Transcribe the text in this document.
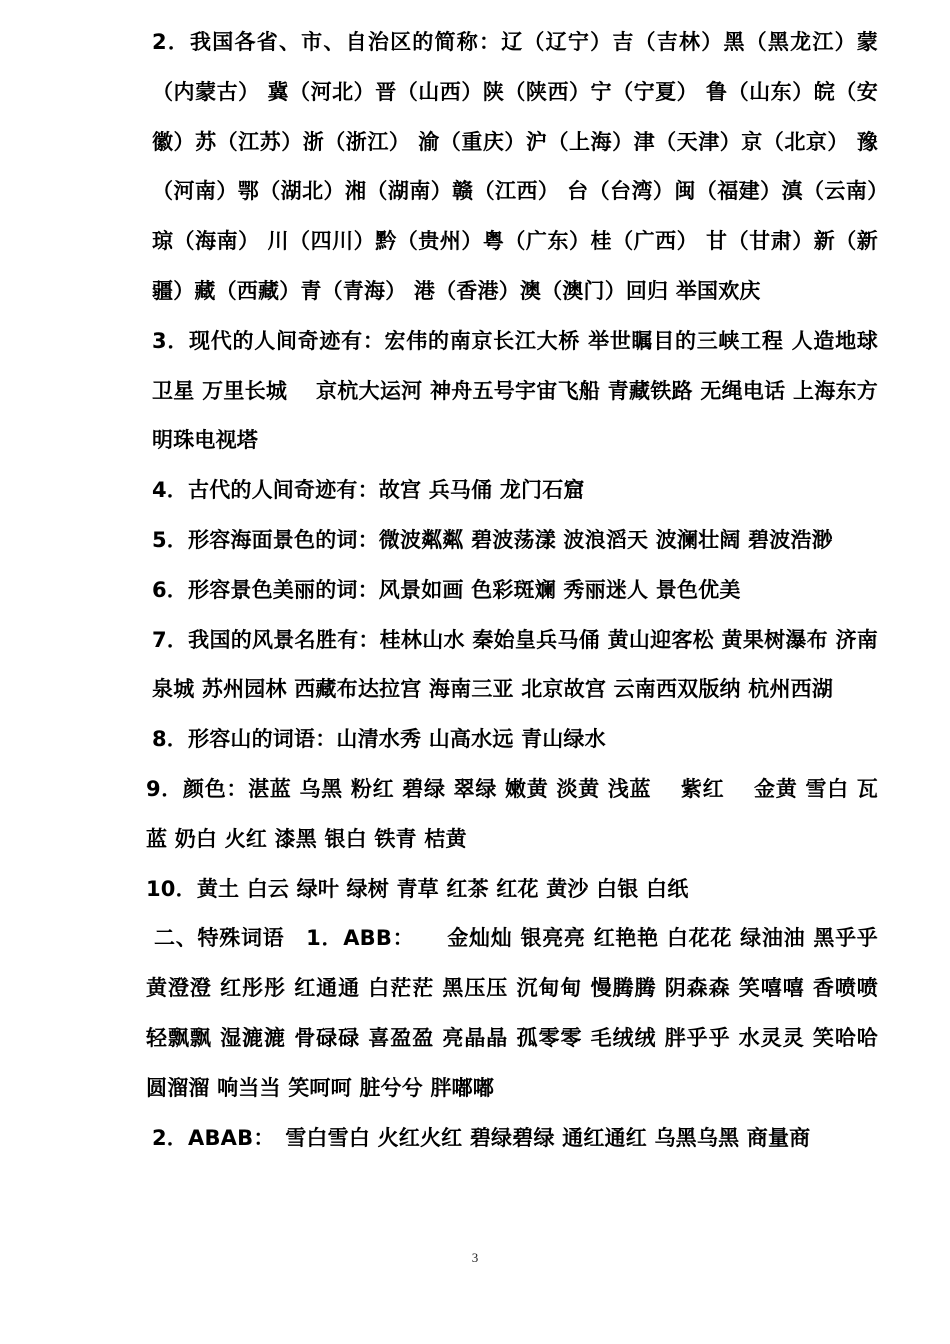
2．我国各省、市、自治区的简称：辽（辽宁）吉（吉林）黑（黑龙江）蒙（内蒙古） 冀（河北）晋（山西）陕（陕西）宁（宁夏） 鲁（山东）皖（安徽）苏（江苏）浙（浙江） 渝（重庆）沪（上海）津（天津）京（北京） 豫（河南）鄂（湖北）湘（湖南）赣（江西） 台（台湾）闽（福建）滇（云南）琼（海南） 川（四川）黔（贵州）粤（广东）桂（广西） 甘（甘肃）新（新疆）藏（西藏）青（青海） 港（香港）澳（澳门）回归 举国欢庆

3．现代的人间奇迹有：宏伟的南京长江大桥 举世瞩目的三峡工程 人造地球卫星 万里长城　 京杭大运河 神舟五号宇宙飞船 青藏铁路 无绳电话 上海东方明珠电视塔

4．古代的人间奇迹有：故宫 兵马俑 龙门石窟

5．形容海面景色的词：微波粼粼 碧波荡漾 波浪滔天 波澜壮阔 碧波浩渺

6．形容景色美丽的词：风景如画 色彩斑斓 秀丽迷人 景色优美

7．我国的风景名胜有：桂林山水 秦始皇兵马俑 黄山迎客松 黄果树瀑布 济南泉城 苏州园林 西藏布达拉宫 海南三亚 北京故宫 云南西双版纳 杭州西湖

8．形容山的词语：山清水秀 山高水远 青山绿水

9．颜色：湛蓝 乌黑 粉红 碧绿 翠绿 嫩黄 淡黄 浅蓝　 紫红　 金黄 雪白 瓦蓝 奶白 火红 漆黑 银白 铁青 桔黄

10．黄土 白云 绿叶 绿树 青草 红茶 红花 黄沙 白银 白纸

二、特殊词语　1．ABB：　　金灿灿 银亮亮 红艳艳 白花花 绿油油 黑乎乎 黄澄澄 红彤彤 红通通 白茫茫 黑压压 沉甸甸 慢腾腾 阴森森 笑嘻嘻 香喷喷 轻飘飘 湿漉漉 骨碌碌 喜盈盈 亮晶晶 孤零零 毛绒绒 胖乎乎 水灵灵 笑哈哈 圆溜溜 响当当 笑呵呵 脏兮兮 胖嘟嘟

2．ABAB：　雪白雪白 火红火红 碧绿碧绿 通红通红 乌黑乌黑 商量商

3
